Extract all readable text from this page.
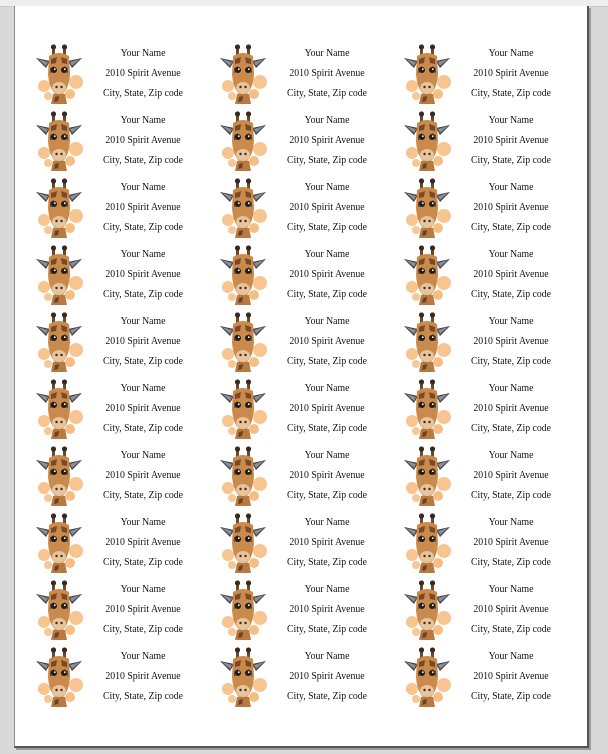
Your Name
2010 Spirit Avenue
City, State, Zip code
Your Name
2010 Spirit Avenue
City, State, Zip code
Your Name
2010 Spirit Avenue
City, State, Zip code
Your Name
2010 Spirit Avenue
City, State, Zip code
Your Name
2010 Spirit Avenue
City, State, Zip code
Your Name
2010 Spirit Avenue
City, State, Zip code
Your Name
2010 Spirit Avenue
City, State, Zip code
Your Name
2010 Spirit Avenue
City, State, Zip code
Your Name
2010 Spirit Avenue
City, State, Zip code
Your Name
2010 Spirit Avenue
City, State, Zip code
Your Name
2010 Spirit Avenue
City, State, Zip code
Your Name
2010 Spirit Avenue
City, State, Zip code
Your Name
2010 Spirit Avenue
City, State, Zip code
Your Name
2010 Spirit Avenue
City, State, Zip code
Your Name
2010 Spirit Avenue
City, State, Zip code
Your Name
2010 Spirit Avenue
City, State, Zip code
Your Name
2010 Spirit Avenue
City, State, Zip code
Your Name
2010 Spirit Avenue
City, State, Zip code
Your Name
2010 Spirit Avenue
City, State, Zip code
Your Name
2010 Spirit Avenue
City, State, Zip code
Your Name
2010 Spirit Avenue
City, State, Zip code
Your Name
2010 Spirit Avenue
City, State, Zip code
Your Name
2010 Spirit Avenue
City, State, Zip code
Your Name
2010 Spirit Avenue
City, State, Zip code
Your Name
2010 Spirit Avenue
City, State, Zip code
Your Name
2010 Spirit Avenue
City, State, Zip code
Your Name
2010 Spirit Avenue
City, State, Zip code
Your Name
2010 Spirit Avenue
City, State, Zip code
Your Name
2010 Spirit Avenue
City, State, Zip code
Your Name
2010 Spirit Avenue
City, State, Zip code
